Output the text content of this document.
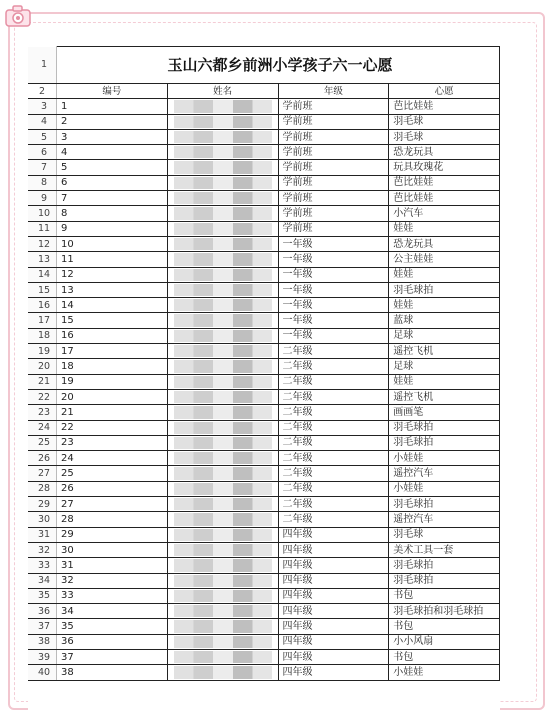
1	玉山六都乡前洲小学孩子六一心愿			
2	编号	姓名	年级	心愿
3	1		学前班	芭比娃娃
4	2		学前班	羽毛球
5	3		学前班	羽毛球
6	4		学前班	恐龙玩具
7	5		学前班	玩具玫瑰花
8	6		学前班	芭比娃娃
9	7		学前班	芭比娃娃
10	8		学前班	小汽车
11	9		学前班	娃娃
12	10		一年级	恐龙玩具
13	11		一年级	公主娃娃
14	12		一年级	娃娃
15	13		一年级	羽毛球拍
16	14		一年级	娃娃
17	15		一年级	蓝球
18	16		一年级	足球
19	17		二年级	遥控飞机
20	18		二年级	足球
21	19		二年级	娃娃
22	20		二年级	遥控飞机
23	21		二年级	画画笔
24	22		二年级	羽毛球拍
25	23		二年级	羽毛球拍
26	24		二年级	小娃娃
27	25		二年级	遥控汽车
28	26		二年级	小娃娃
29	27		二年级	羽毛球拍
30	28		二年级	遥控汽车
31	29		四年级	羽毛球
32	30		四年级	美术工具一套
33	31		四年级	羽毛球拍
34	32		四年级	羽毛球拍
35	33		四年级	书包
36	34		四年级	羽毛球拍和羽毛球拍
37	35		四年级	书包
38	36		四年级	小小风扇
39	37		四年级	书包
40	38		四年级	小娃娃
